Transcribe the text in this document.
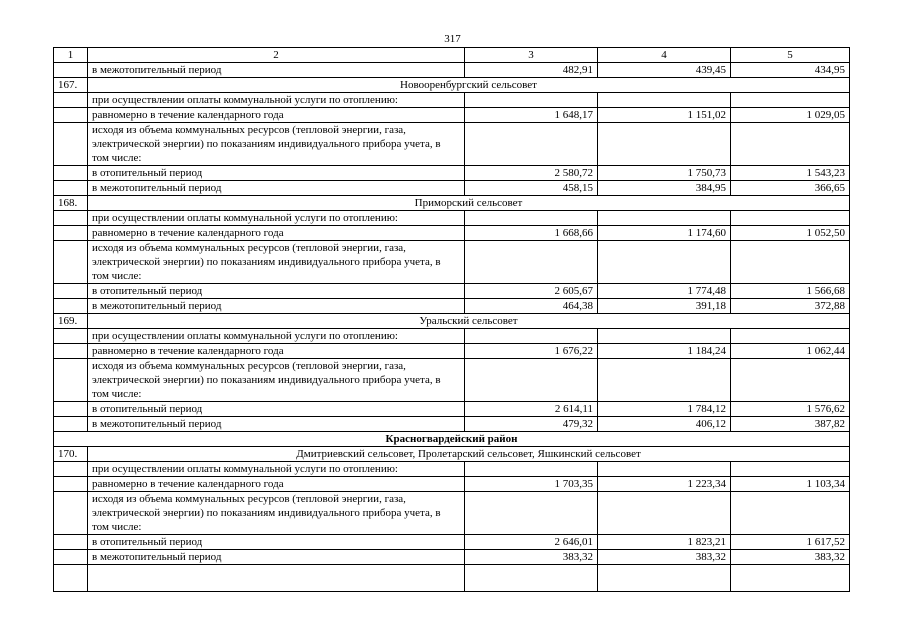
317
1	2	3	4	5
	в межотопительный период	482,91	439,45	434,95
167.	Новооренбургский сельсовет			
	при осуществлении оплаты коммунальной услуги по отоплению:			
	равномерно в течение календарного года	1 648,17	1 151,02	1 029,05
	исходя из объема коммунальных ресурсов (тепловой энергии, газа, электрической энергии) по показаниям индивидуального прибора учета, в том числе:			
	в отопительный период	2 580,72	1 750,73	1 543,23
	в межотопительный период	458,15	384,95	366,65
168.	Приморский сельсовет			
	при осуществлении оплаты коммунальной услуги по отоплению:			
	равномерно в течение календарного года	1 668,66	1 174,60	1 052,50
	исходя из объема коммунальных ресурсов (тепловой энергии, газа, электрической энергии) по показаниям индивидуального прибора учета, в том числе:			
	в отопительный период	2 605,67	1 774,48	1 566,68
	в межотопительный период	464,38	391,18	372,88
169.	Уральский сельсовет			
	при осуществлении оплаты коммунальной услуги по отоплению:			
	равномерно в течение календарного года	1 676,22	1 184,24	1 062,44
	исходя из объема коммунальных ресурсов (тепловой энергии, газа, электрической энергии) по показаниям индивидуального прибора учета, в том числе:			
	в отопительный период	2 614,11	1 784,12	1 576,62
	в межотопительный период	479,32	406,12	387,82
Красногвардейский район				
170.	Дмитриевский сельсовет, Пролетарский сельсовет, Яшкинский сельсовет			
	при осуществлении оплаты коммунальной услуги по отоплению:			
	равномерно в течение календарного года	1 703,35	1 223,34	1 103,34
	исходя из объема коммунальных ресурсов (тепловой энергии, газа, электрической энергии) по показаниям индивидуального прибора учета, в том числе:			
	в отопительный период	2 646,01	1 823,21	1 617,52
	в межотопительный период	383,32	383,32	383,32
